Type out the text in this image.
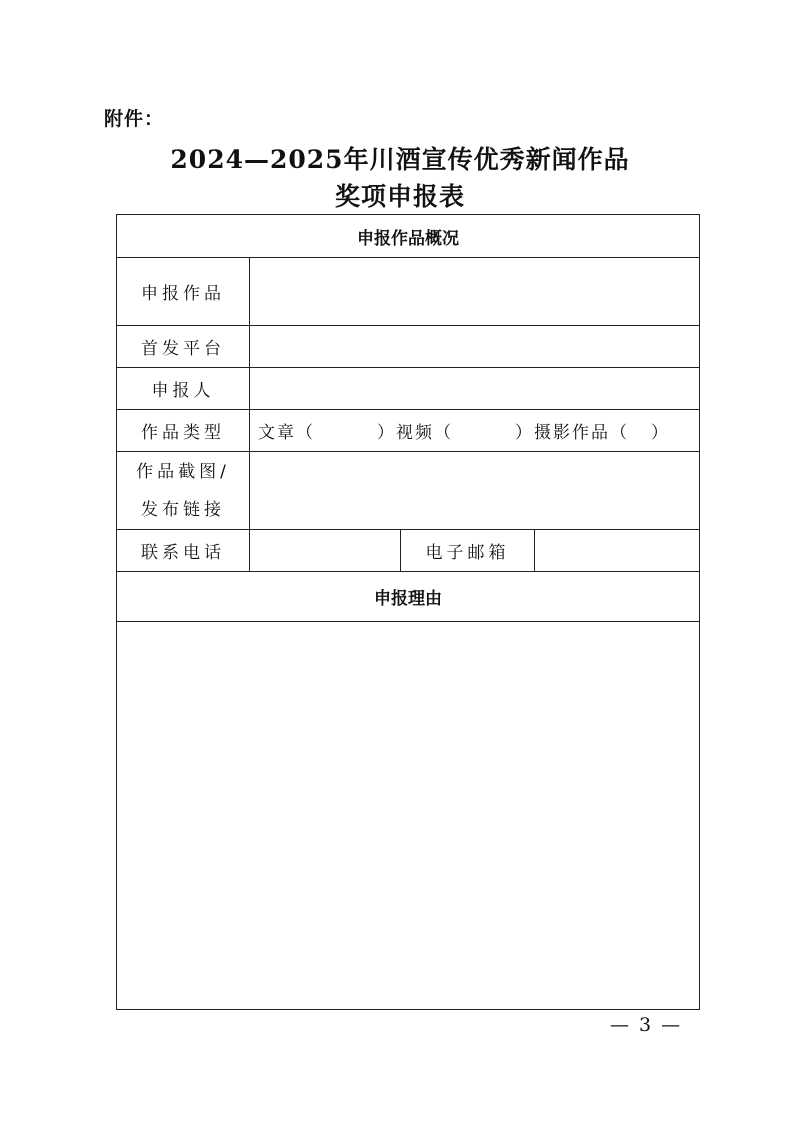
附件：
2024—2025年川酒宣传优秀新闻作品
奖项申报表
申报作品概况			
申报作品			
首发平台			
申报人			
作品类型	文章（ ）视频（ ）摄影作品（ ）		

作品截图/
发布链接			

联系电话		电子邮箱	
申报理由			

— 3 —
